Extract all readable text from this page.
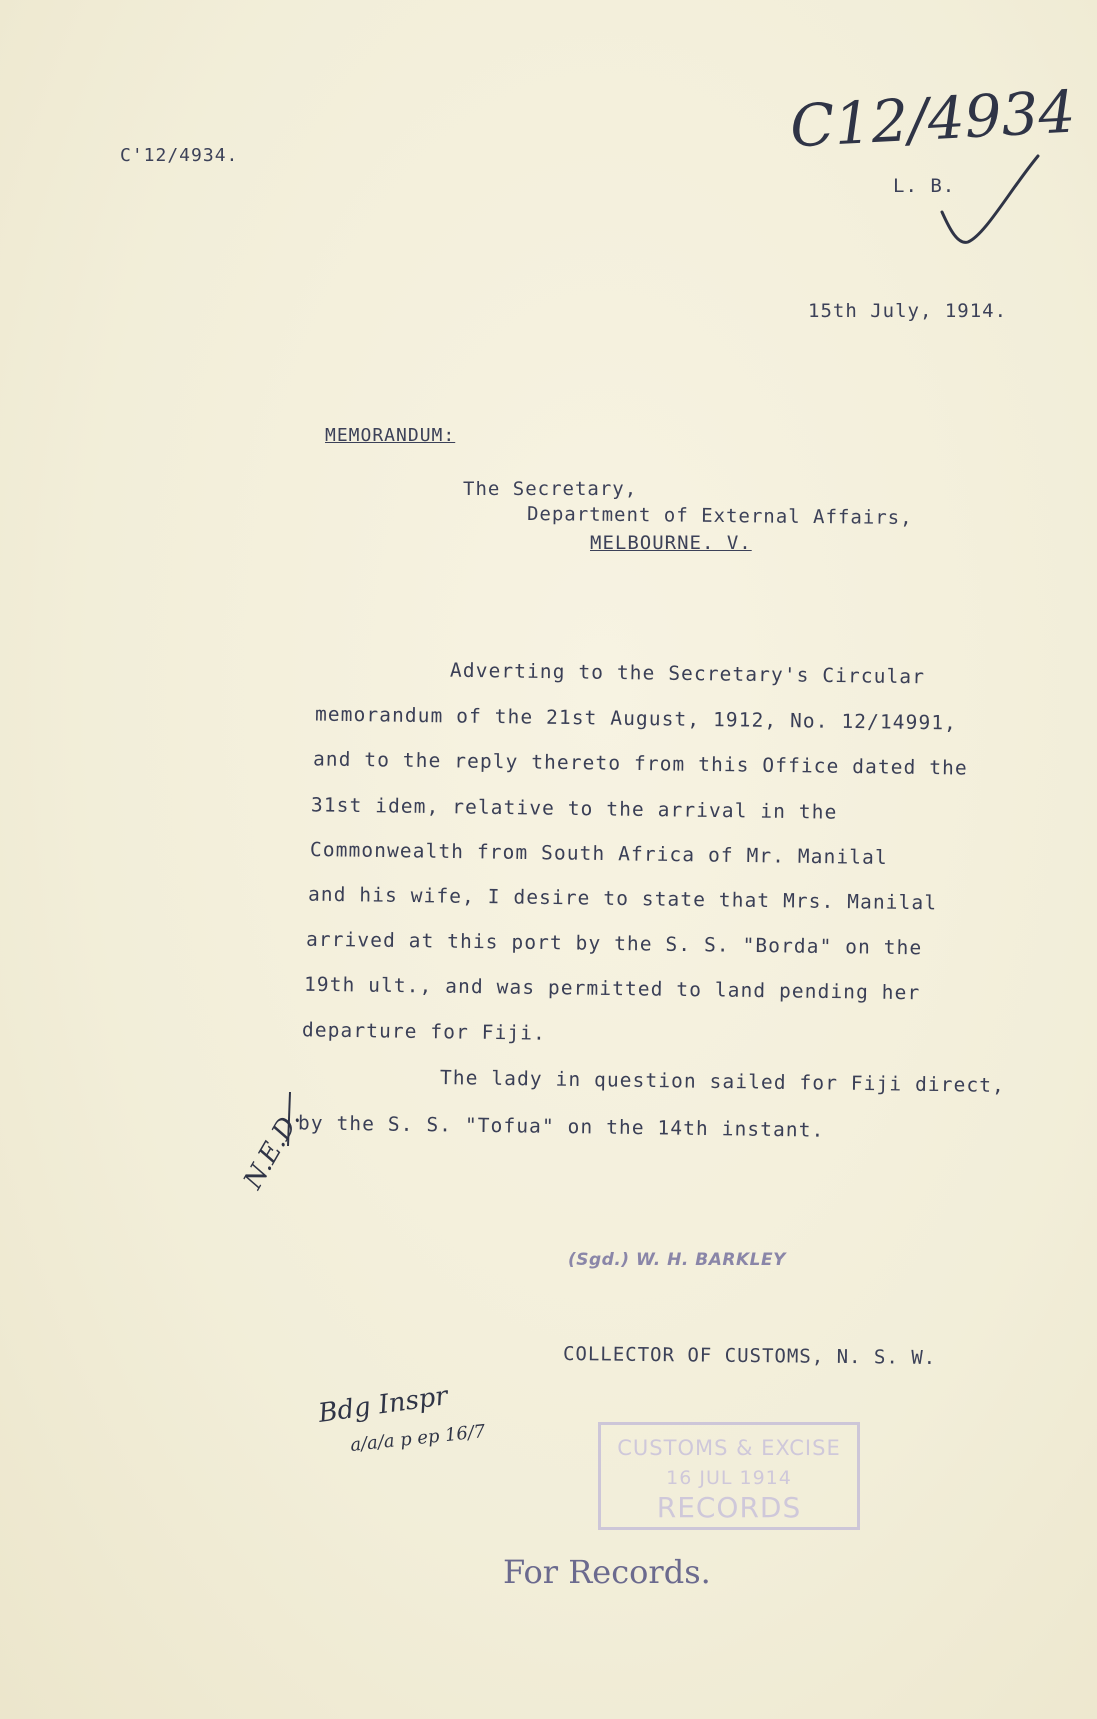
C'12/4934.	C12/4934
L. B.
15th July, 1914.
MEMORANDUM:
The Secretary,
Department of External Affairs,
MELBOURNE. V.
Adverting to the Secretary's Circular
memorandum of the 21st August, 1912, No. 12/14991,
and to the reply thereto from this Office dated the
31st idem, relative to the arrival in the
Commonwealth from South Africa of Mr. Manilal
and his wife, I desire to state that Mrs. Manilal
arrived at this port by the S. S. "Borda" on the
19th ult., and was permitted to land pending her
departure for Fiji.
The lady in question sailed for Fiji direct,
by the S. S. "Tofua" on the 14th instant.
N.E.D.
(Sgd.) W. H. BARKLEY
COLLECTOR OF CUSTOMS, N. S. W.
Bdg Inspr
a/a/a p ep 16/7	CUSTOMS & EXCISE
16 JUL 1914
RECORDS
For Records.
